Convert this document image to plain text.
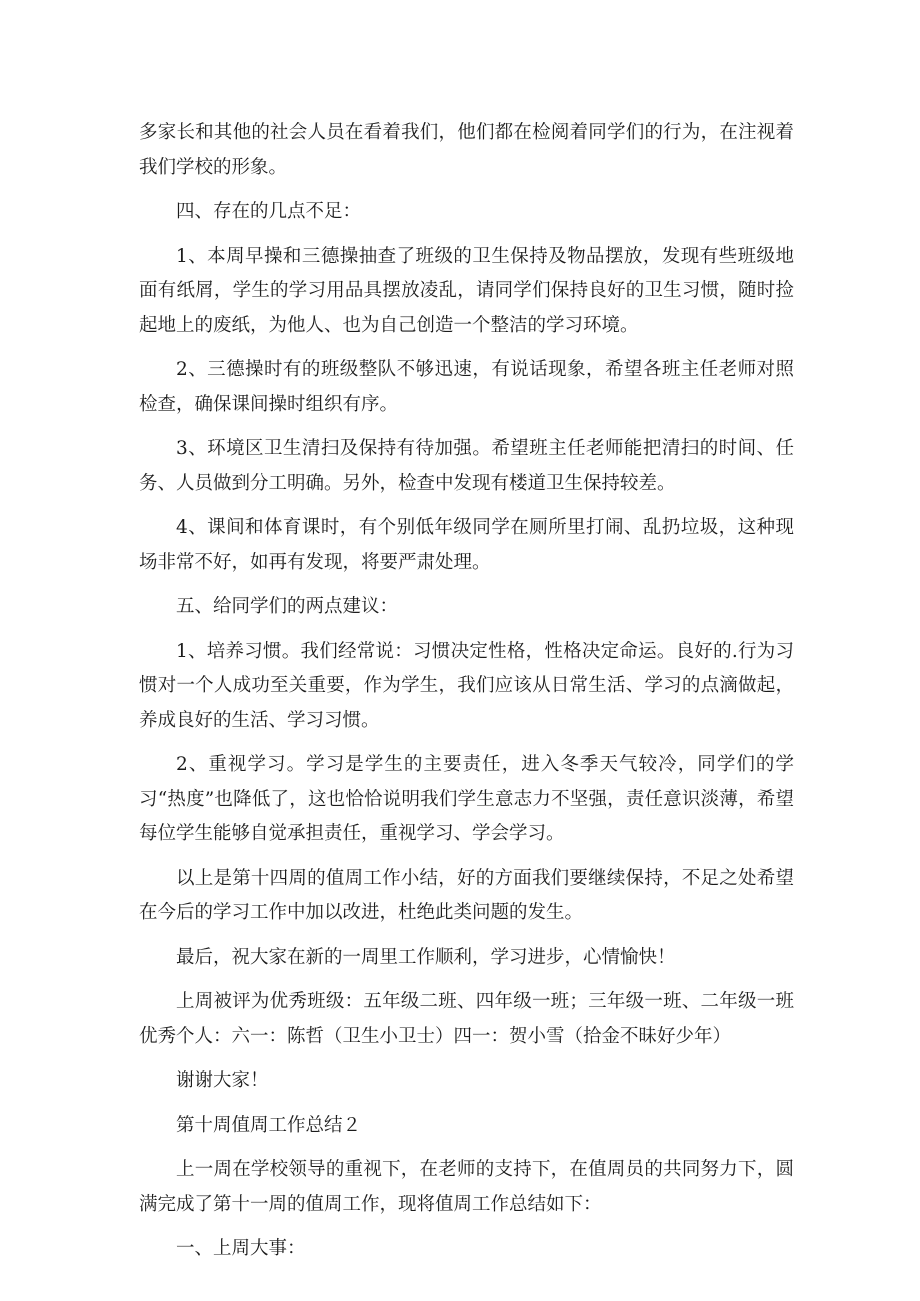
多家长和其他的社会人员在看着我们，他们都在检阅着同学们的行为，在注视着我们学校的形象。

四、存在的几点不足：

1、本周早操和三德操抽查了班级的卫生保持及物品摆放，发现有些班级地面有纸屑，学生的学习用品具摆放凌乱，请同学们保持良好的卫生习惯，随时捡起地上的废纸，为他人、也为自己创造一个整洁的学习环境。

2、三德操时有的班级整队不够迅速，有说话现象，希望各班主任老师对照检查，确保课间操时组织有序。

3、环境区卫生清扫及保持有待加强。希望班主任老师能把清扫的时间、任务、人员做到分工明确。另外，检查中发现有楼道卫生保持较差。

4、课间和体育课时，有个别低年级同学在厕所里打闹、乱扔垃圾，这种现场非常不好，如再有发现，将要严肃处理。

五、给同学们的两点建议：

1、培养习惯。我们经常说：习惯决定性格，性格决定命运。良好的.行为习惯对一个人成功至关重要，作为学生，我们应该从日常生活、学习的点滴做起，养成良好的生活、学习习惯。

2、重视学习。学习是学生的主要责任，进入冬季天气较冷，同学们的学习“热度”也降低了，这也恰恰说明我们学生意志力不坚强，责任意识淡薄，希望每位学生能够自觉承担责任，重视学习、学会学习。

以上是第十四周的值周工作小结，好的方面我们要继续保持，不足之处希望在今后的学习工作中加以改进，杜绝此类问题的发生。

最后，祝大家在新的一周里工作顺利，学习进步，心情愉快！

上周被评为优秀班级：五年级二班、四年级一班；三年级一班、二年级一班优秀个人：六一：陈哲（卫生小卫士）四一：贺小雪（拾金不昧好少年）

谢谢大家！

第十周值周工作总结２

上一周在学校领导的重视下，在老师的支持下，在值周员的共同努力下，圆满完成了第十一周的值周工作，现将值周工作总结如下：

一、上周大事：
